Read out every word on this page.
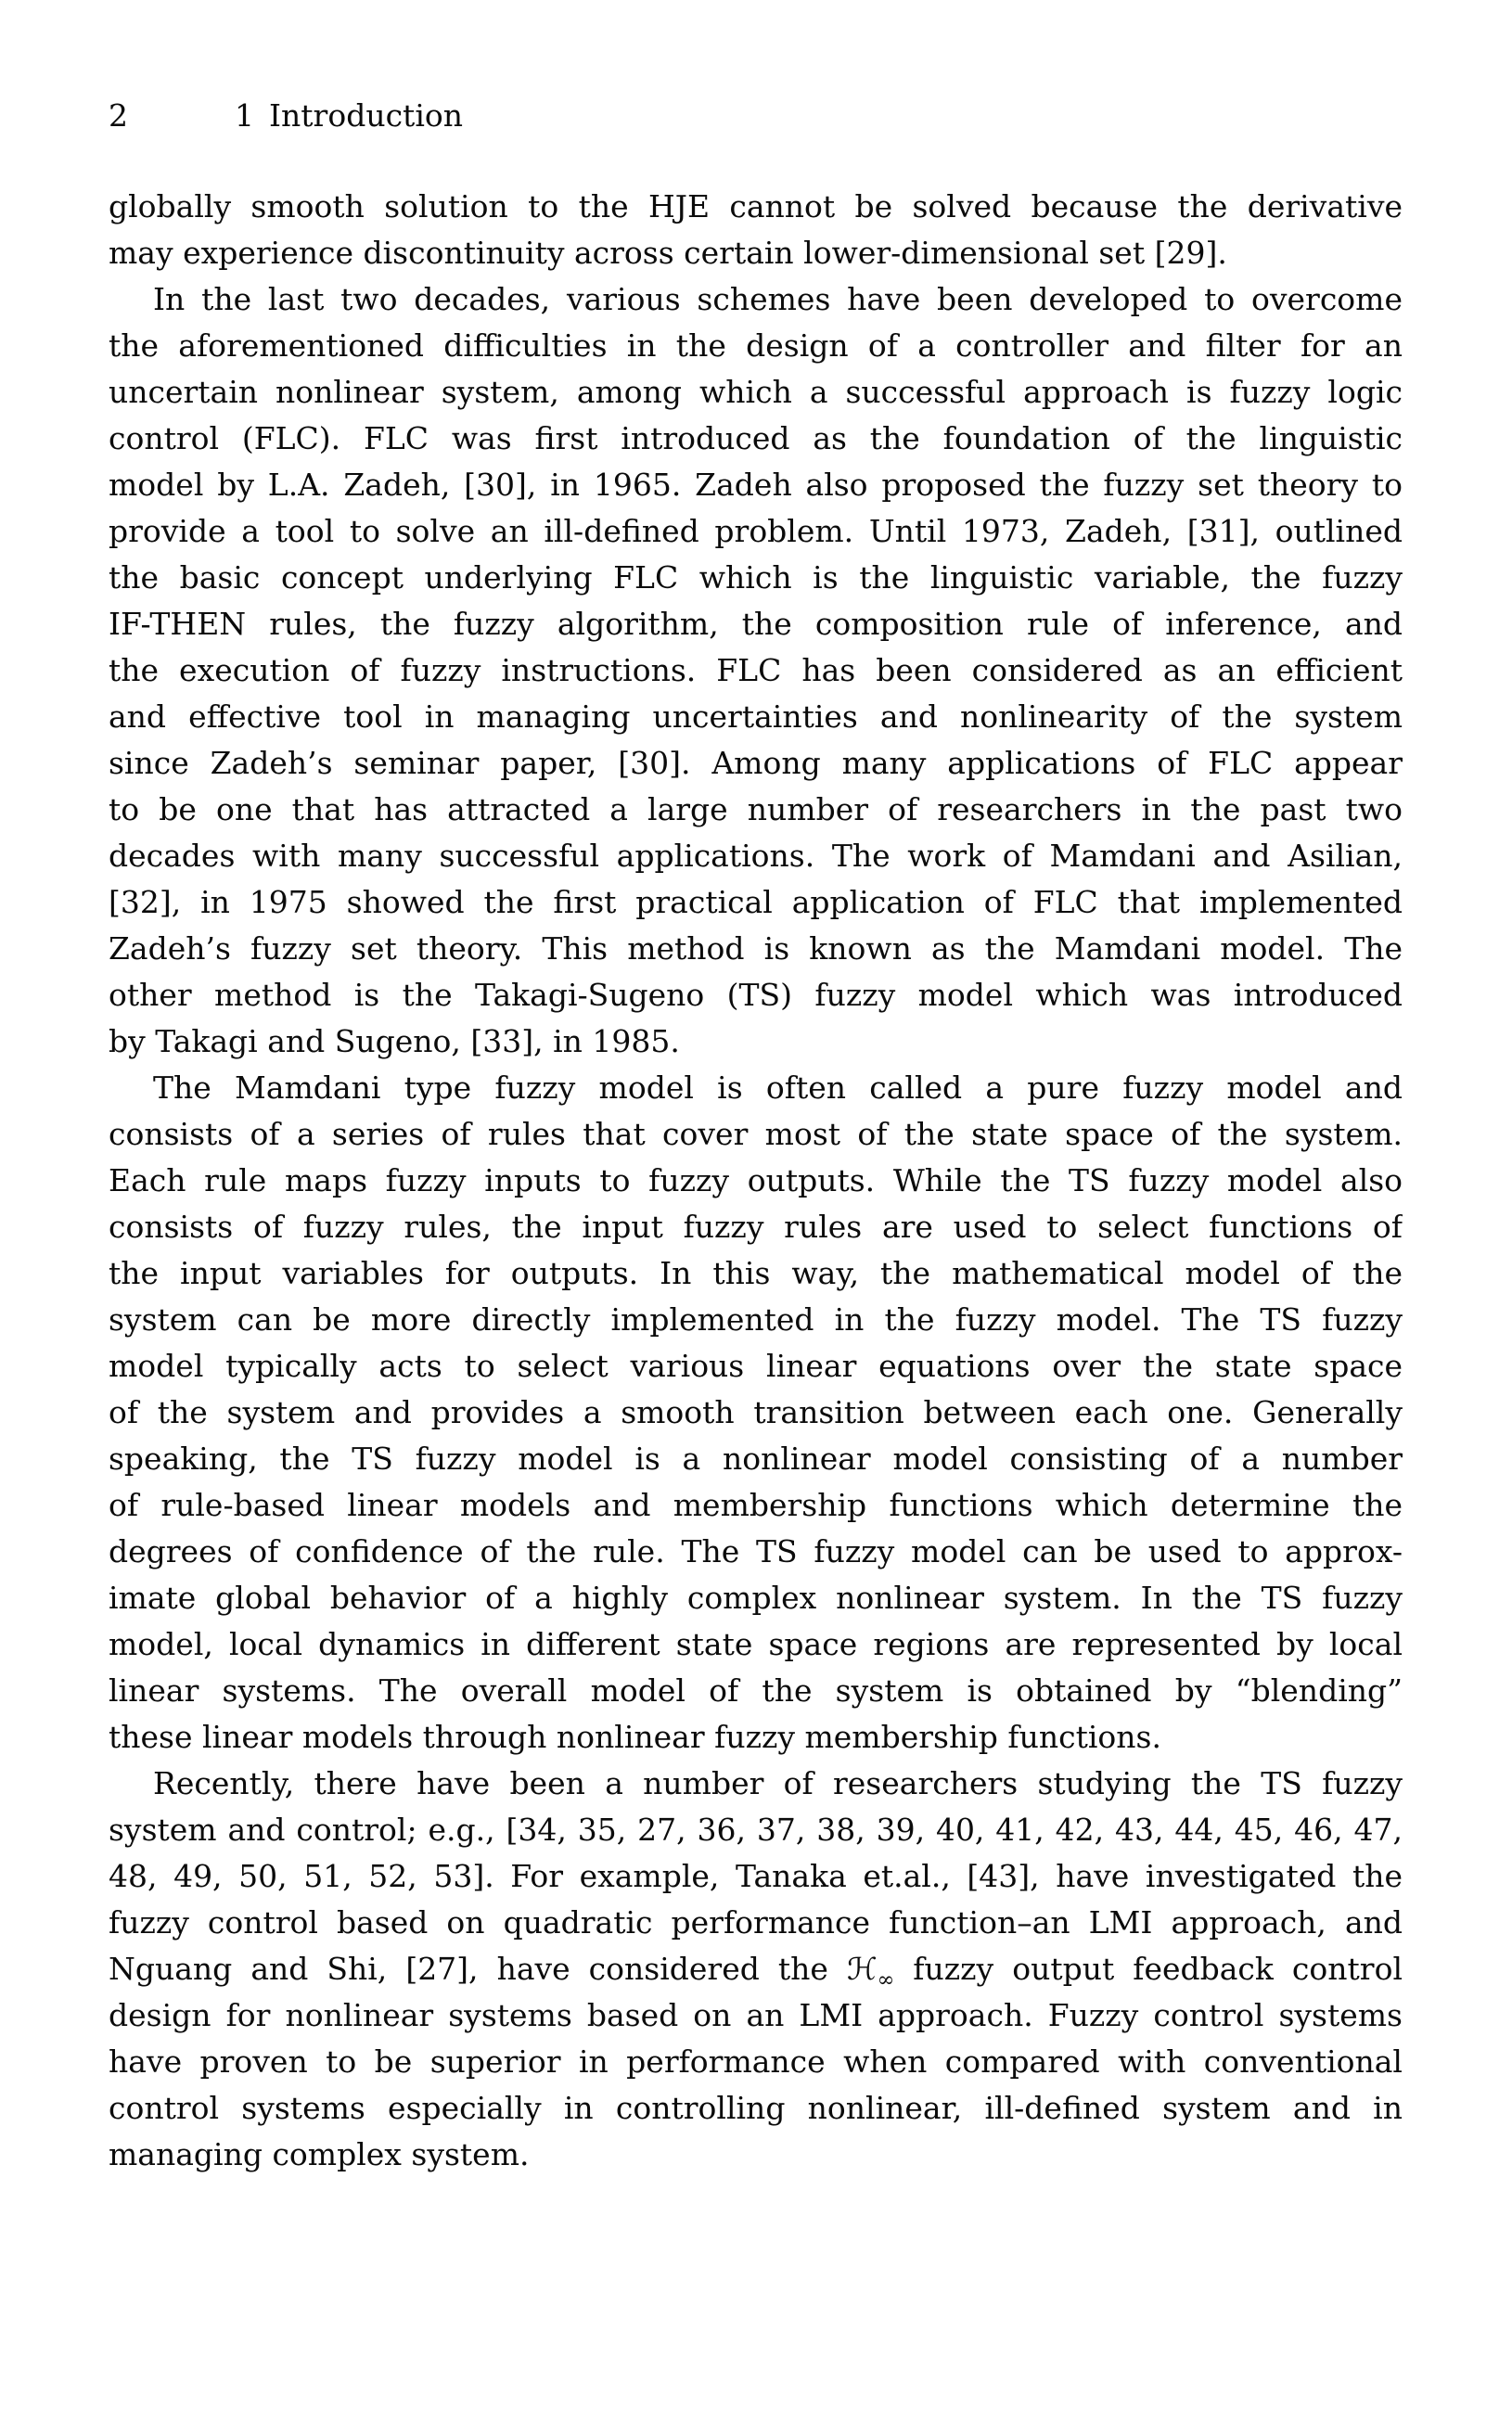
2	1 Introduction

globally smooth solution to the HJE cannot be solved because the derivative
may experience discontinuity across certain lower-dimensional set [29].

In the last two decades, various schemes have been developed to overcome
the aforementioned difficulties in the design of a controller and filter for an
uncertain nonlinear system, among which a successful approach is fuzzy logic
control (FLC). FLC was first introduced as the foundation of the linguistic
model by L.A. Zadeh, [30], in 1965. Zadeh also proposed the fuzzy set theory to
provide a tool to solve an ill-defined problem. Until 1973, Zadeh, [31], outlined
the basic concept underlying FLC which is the linguistic variable, the fuzzy
IF-THEN rules, the fuzzy algorithm, the composition rule of inference, and
the execution of fuzzy instructions. FLC has been considered as an efficient
and effective tool in managing uncertainties and nonlinearity of the system
since Zadeh’s seminar paper, [30]. Among many applications of FLC appear
to be one that has attracted a large number of researchers in the past two
decades with many successful applications. The work of Mamdani and Asilian,
[32], in 1975 showed the first practical application of FLC that implemented
Zadeh’s fuzzy set theory. This method is known as the Mamdani model. The
other method is the Takagi-Sugeno (TS) fuzzy model which was introduced
by Takagi and Sugeno, [33], in 1985.

The Mamdani type fuzzy model is often called a pure fuzzy model and
consists of a series of rules that cover most of the state space of the system.
Each rule maps fuzzy inputs to fuzzy outputs. While the TS fuzzy model also
consists of fuzzy rules, the input fuzzy rules are used to select functions of
the input variables for outputs. In this way, the mathematical model of the
system can be more directly implemented in the fuzzy model. The TS fuzzy
model typically acts to select various linear equations over the state space
of the system and provides a smooth transition between each one. Generally
speaking, the TS fuzzy model is a nonlinear model consisting of a number
of rule-based linear models and membership functions which determine the
degrees of confidence of the rule. The TS fuzzy model can be used to approx-
imate global behavior of a highly complex nonlinear system. In the TS fuzzy
model, local dynamics in different state space regions are represented by local
linear systems. The overall model of the system is obtained by “blending”
these linear models through nonlinear fuzzy membership functions.

Recently, there have been a number of researchers studying the TS fuzzy
system and control; e.g., [34, 35, 27, 36, 37, 38, 39, 40, 41, 42, 43, 44, 45, 46, 47,
48, 49, 50, 51, 52, 53]. For example, Tanaka et.al., [43], have investigated the
fuzzy control based on quadratic performance function–an LMI approach, and
Nguang and Shi, [27], have considered the ℋ$_\infty$ fuzzy output feedback control
design for nonlinear systems based on an LMI approach. Fuzzy control systems
have proven to be superior in performance when compared with conventional
control systems especially in controlling nonlinear, ill-defined system and in
managing complex system.
